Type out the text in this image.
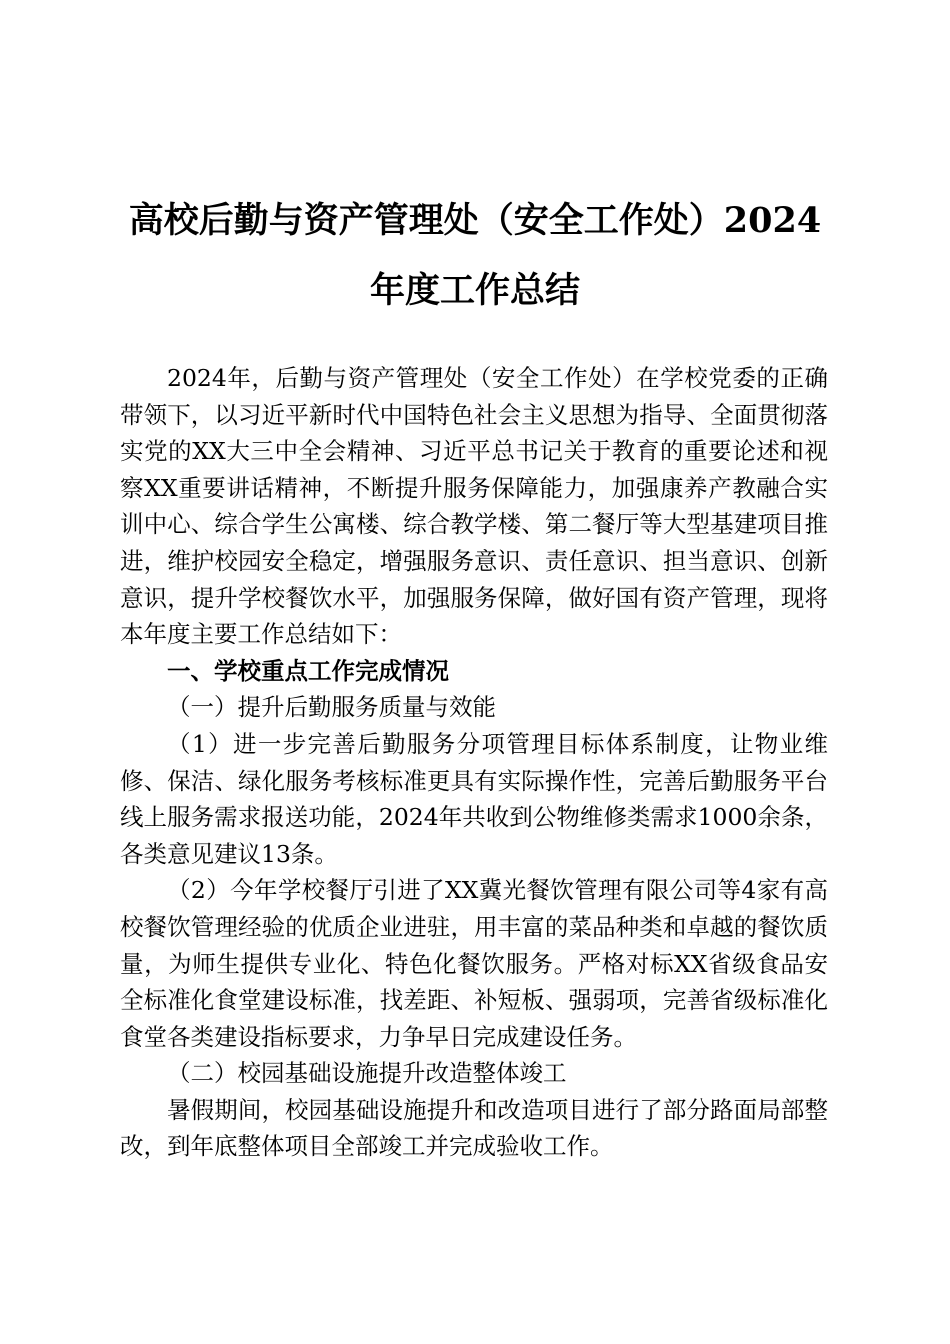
高校后勤与资产管理处（安全工作处）2024年度工作总结

2024年，后勤与资产管理处（安全工作处）在学校党委的正确带领下，以习近平新时代中国特色社会主义思想为指导、全面贯彻落实党的XX大三中全会精神、习近平总书记关于教育的重要论述和视察XX重要讲话精神，不断提升服务保障能力，加强康养产教融合实训中心、综合学生公寓楼、综合教学楼、第二餐厅等大型基建项目推进，维护校园安全稳定，增强服务意识、责任意识、担当意识、创新意识，提升学校餐饮水平，加强服务保障，做好国有资产管理，现将本年度主要工作总结如下：

一、学校重点工作完成情况

（一）提升后勤服务质量与效能

（1）进一步完善后勤服务分项管理目标体系制度，让物业维修、保洁、绿化服务考核标准更具有实际操作性，完善后勤服务平台线上服务需求报送功能，2024年共收到公物维修类需求1000余条，各类意见建议13条。

（2）今年学校餐厅引进了XX冀光餐饮管理有限公司等4家有高校餐饮管理经验的优质企业进驻，用丰富的菜品种类和卓越的餐饮质量，为师生提供专业化、特色化餐饮服务。严格对标XX省级食品安全标准化食堂建设标准，找差距、补短板、强弱项，完善省级标准化食堂各类建设指标要求，力争早日完成建设任务。

（二）校园基础设施提升改造整体竣工

暑假期间，校园基础设施提升和改造项目进行了部分路面局部整改，到年底整体项目全部竣工并完成验收工作。
